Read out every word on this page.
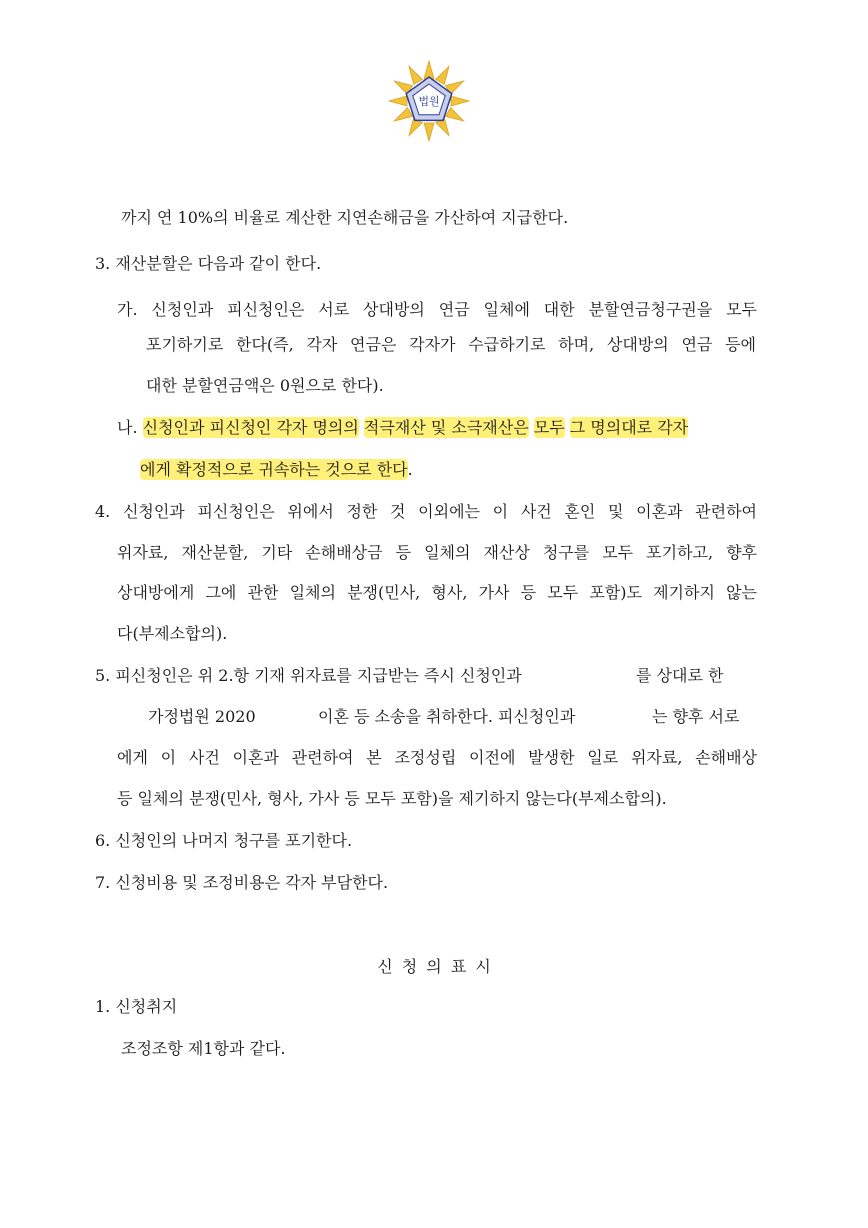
법원
까지 연 10%의 비율로 계산한 지연손해금을 가산하여 지급한다.
3. 재산분할은 다음과 같이 한다.
가. 신청인과 피신청인은 서로 상대방의 연금 일체에 대한 분할연금청구권을 모두
포기하기로 한다(즉, 각자 연금은 각자가 수급하기로 하며, 상대방의 연금 등에
대한 분할연금액은 0원으로 한다).
나. 신청인과 피신청인 각자 명의의 적극재산 및 소극재산은 모두 그 명의대로 각자
에게 확정적으로 귀속하는 것으로 한다.
4. 신청인과 피신청인은 위에서 정한 것 이외에는 이 사건 혼인 및 이혼과 관련하여
위자료, 재산분할, 기타 손해배상금 등 일체의 재산상 청구를 모두 포기하고, 향후
상대방에게 그에 관한 일체의 분쟁(민사, 형사, 가사 등 모두 포함)도 제기하지 않는
다(부제소합의).
5. 피신청인은 위 2.항 기재 위자료를 지급받는 즉시 신청인과	를 상대로 한
가정법원 2020	이혼 등 소송을 취하한다. 피신청인과	는 향후 서로
에게 이 사건 이혼과 관련하여 본 조정성립 이전에 발생한 일로 위자료, 손해배상
등 일체의 분쟁(민사, 형사, 가사 등 모두 포함)을 제기하지 않는다(부제소합의).
6. 신청인의 나머지 청구를 포기한다.
7. 신청비용 및 조정비용은 각자 부담한다.
신 청 의 표 시
1. 신청취지
조정조항 제1항과 같다.
